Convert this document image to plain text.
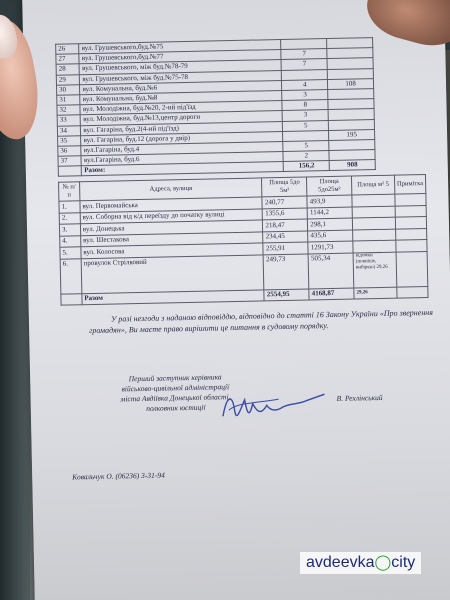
26	вул. Грушевського,буд.№75		
27	вул. Грушевського,буд.№77	7	
28	вул. Грушевського, між буд.№78-79	7	
29	вул. Грушевського, між буд.№75-78		
30	вул. Комунальна, буд.№6	4	108
31	вул. Комунальна, буд.№8	3	
32	вул. Молодіжна, буд.№20, 2-ий під'їзд	8	
33	вул. Молодіжна, буд.№13,центр дороги	3	
34	вул. Гагаріна, буд.2(4-ий під'їзд)	5	
35	вул. Гагаріна, буд.12 (дорога у двір)		195
36	вул.Гагаріна, буд.4	5	
37	вул.Гагаріна, буд.6	2	
	Разом:	156,2	908
№ п/п	Адреса, вулиця	Площа 5до 5м²	Площа 5до25м²	Площа м² 5	Примітка
1.	вул. Первомайська	240,77	493,9		
2.	вул. Соборна від к/д переїзду до початку вулиці	1355,6	1144,2		
3.	вул. Донецька	218,47	298,1		
4.	вул. Шестакова	234,45	435,6		
5.	вул. Колосова	255,91	1291,73		
6.	провулок Стрілковий	249,73	505,34	відомки (повніше, вибіркю) 29,26	
	Разом	2554,95	4168,87	29,26	
У разі незгоди з наданою відповіддю, відповідно до статті 16 Закону України «Про звернення громадян», Ви маєте право вирішити це питання в судовому порядку.
Перший заступник керівника
військово-цивільної адміністрації
міста Авдіївка Донецької області,
полковник юстиції
В. Рехлінський
Ковальчук О. (06236) 3-31-94
avdeevka◯city
